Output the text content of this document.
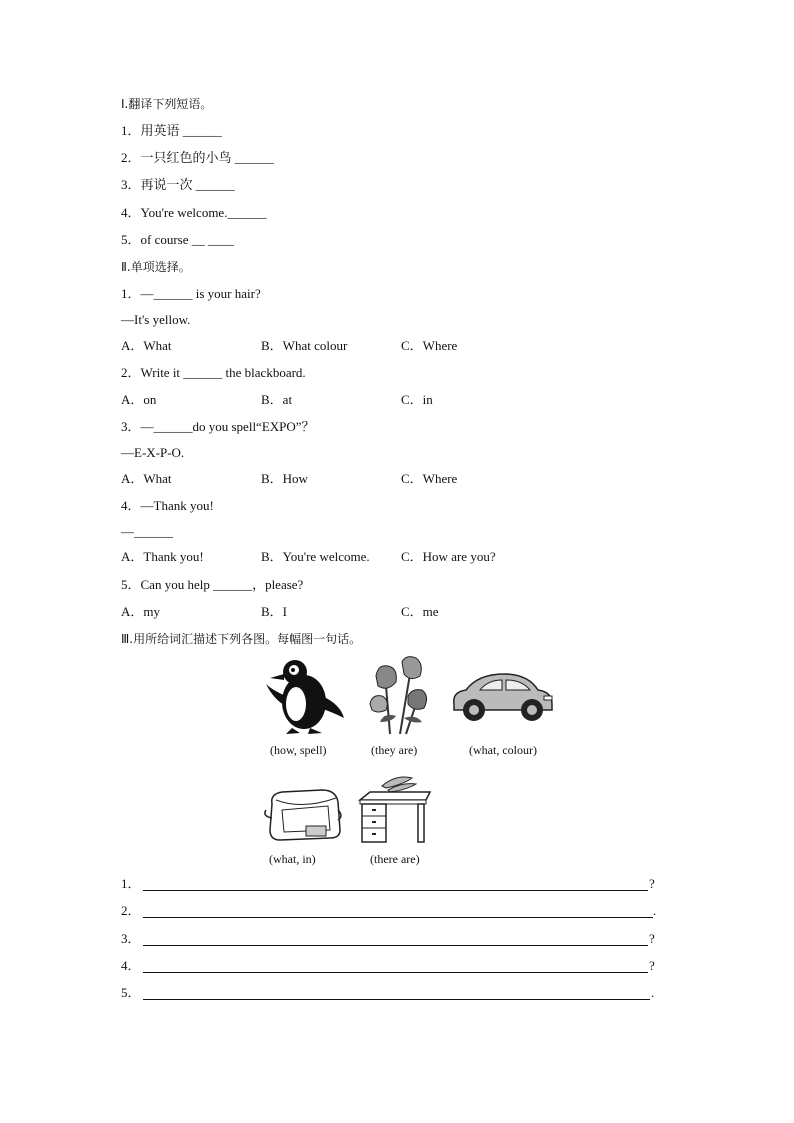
Ⅰ.翻译下列短语。
1．用英语 ______
2．一只红色的小鸟 ______
3．再说一次 ______
4．You're welcome.______
5．of course __ ____
Ⅱ.单项选择。
1．—______ is your hair?
—It's yellow.
A．What	B．What colour	C．Where
2．Write it ______ the blackboard.
A．on	B．at	C．in
3．—______do you spell“EXPO”？
—E-X-P-O.
A．What	B．How	C．Where
4．—Thank you!
—______
A．Thank you!	B．You're welcome. C．How are you?
5．Can you help ______，please?
A．my	B．I	C．me
Ⅲ.用所给词汇描述下列各图。每幅图一句话。
(how, spell)	(they are)	(what, colour)
(what, in)	(there are)
1．	?
2．	.
3．	?
4．	?
5．	.
